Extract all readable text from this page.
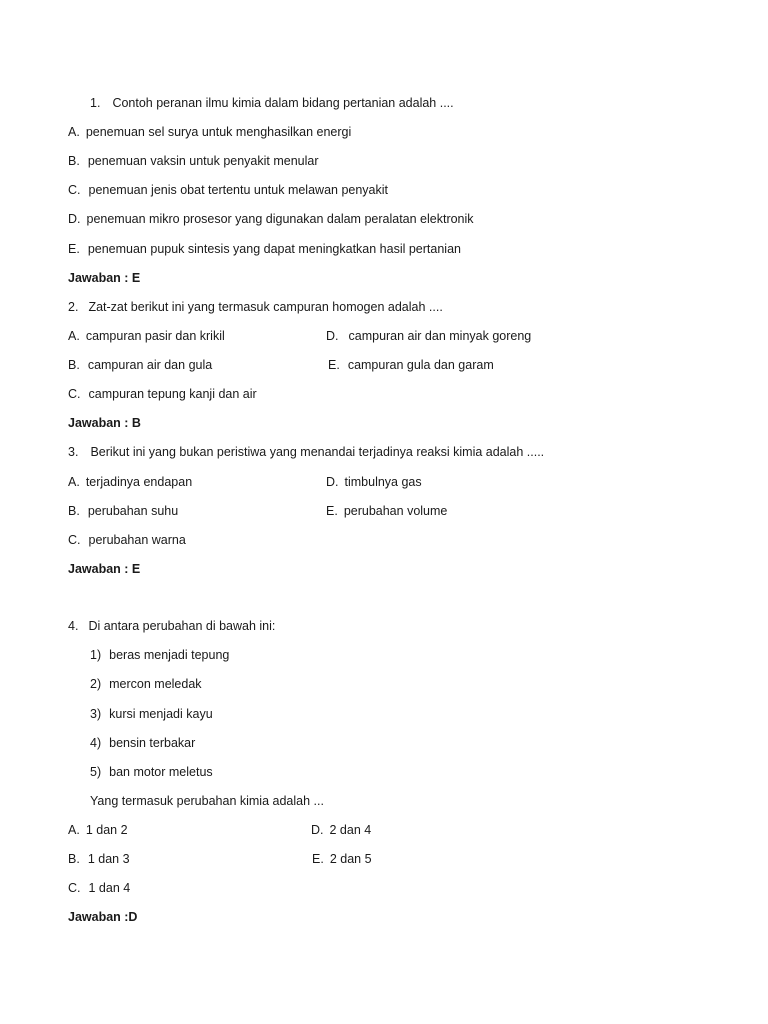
1. Contoh peranan ilmu kimia dalam bidang pertanian adalah ....
A. penemuan sel surya untuk menghasilkan energi
B. penemuan vaksin untuk penyakit menular
C. penemuan jenis obat tertentu untuk melawan penyakit
D. penemuan mikro prosesor yang digunakan dalam peralatan elektronik
E. penemuan pupuk sintesis yang dapat meningkatkan hasil pertanian
Jawaban : E
2. Zat-zat berikut ini yang termasuk campuran homogen adalah ....
A. campuran pasir dan krikil	D. campuran air dan minyak goreng
B. campuran air dan gula	E. campuran gula dan garam
C. campuran tepung kanji dan air
Jawaban : B
3. Berikut ini yang bukan peristiwa yang menandai terjadinya reaksi kimia adalah .....
A. terjadinya endapan	D. timbulnya gas
B. perubahan suhu	E. perubahan volume
C. perubahan warna
Jawaban : E
4. Di antara perubahan di bawah ini:
1) beras menjadi tepung
2) mercon meledak
3) kursi menjadi kayu
4) bensin terbakar
5) ban motor meletus
Yang termasuk perubahan kimia adalah ...
A. 1 dan 2	D. 2 dan 4
B. 1 dan 3	E. 2 dan 5
C. 1 dan 4
Jawaban :D
